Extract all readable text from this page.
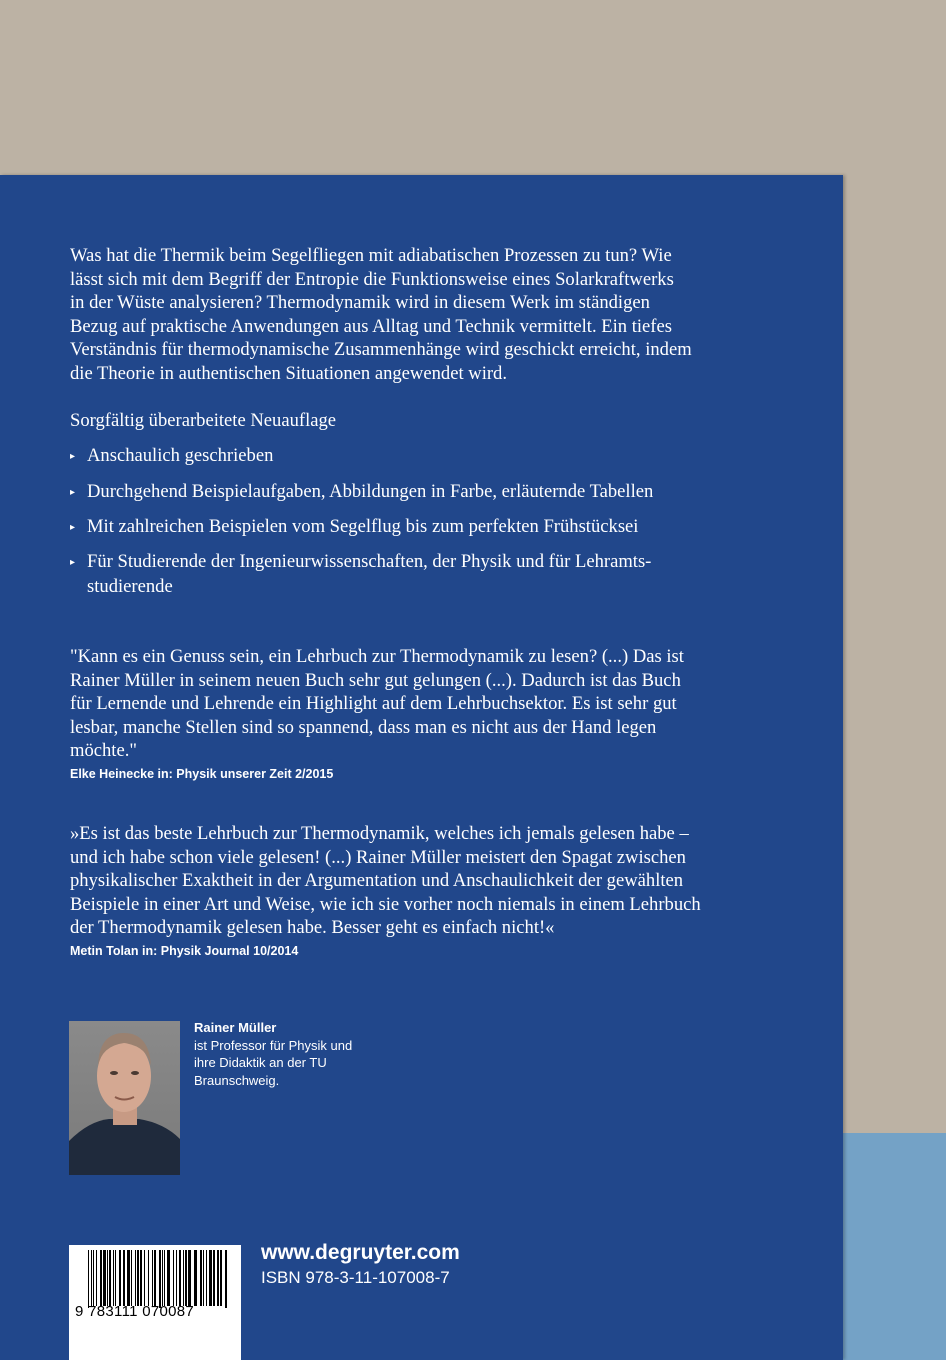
Was hat die Thermik beim Segelfliegen mit adiabatischen Prozessen zu tun? Wie
lässt sich mit dem Begriff der Entropie die Funktionsweise eines Solarkraftwerks
in der Wüste analysieren? Thermodynamik wird in diesem Werk im ständigen
Bezug auf praktische Anwendungen aus Alltag und Technik vermittelt. Ein tiefes
Verständnis für thermodynamische Zusammenhänge wird geschickt erreicht, indem
die Theorie in authentischen Situationen angewendet wird.
Sorgfältig überarbeitete Neuauflage
▸ Anschaulich geschrieben
▸ Durchgehend Beispielaufgaben, Abbildungen in Farbe, erläuternde Tabellen
▸ Mit zahlreichen Beispielen vom Segelflug bis zum perfekten Frühstücksei
▸ Für Studierende der Ingenieurwissenschaften, der Physik und für Lehramts-
studierende
"Kann es ein Genuss sein, ein Lehrbuch zur Thermodynamik zu lesen? (...) Das ist
Rainer Müller in seinem neuen Buch sehr gut gelungen (...). Dadurch ist das Buch
für Lernende und Lehrende ein Highlight auf dem Lehrbuchsektor. Es ist sehr gut
lesbar, manche Stellen sind so spannend, dass man es nicht aus der Hand legen
möchte."
Elke Heinecke in: Physik unserer Zeit 2/2015
»Es ist das beste Lehrbuch zur Thermodynamik, welches ich jemals gelesen habe –
und ich habe schon viele gelesen! (...) Rainer Müller meistert den Spagat zwischen
physikalischer Exaktheit in der Argumentation und Anschaulichkeit der gewählten
Beispiele in einer Art und Weise, wie ich sie vorher noch niemals in einem Lehrbuch
der Thermodynamik gelesen habe. Besser geht es einfach nicht!«
Metin Tolan in: Physik Journal 10/2014
Rainer Müller
ist Professor für Physik und
ihre Didaktik an der TU
Braunschweig.
9 783111 070087
www.degruyter.com
ISBN 978-3-11-107008-7
